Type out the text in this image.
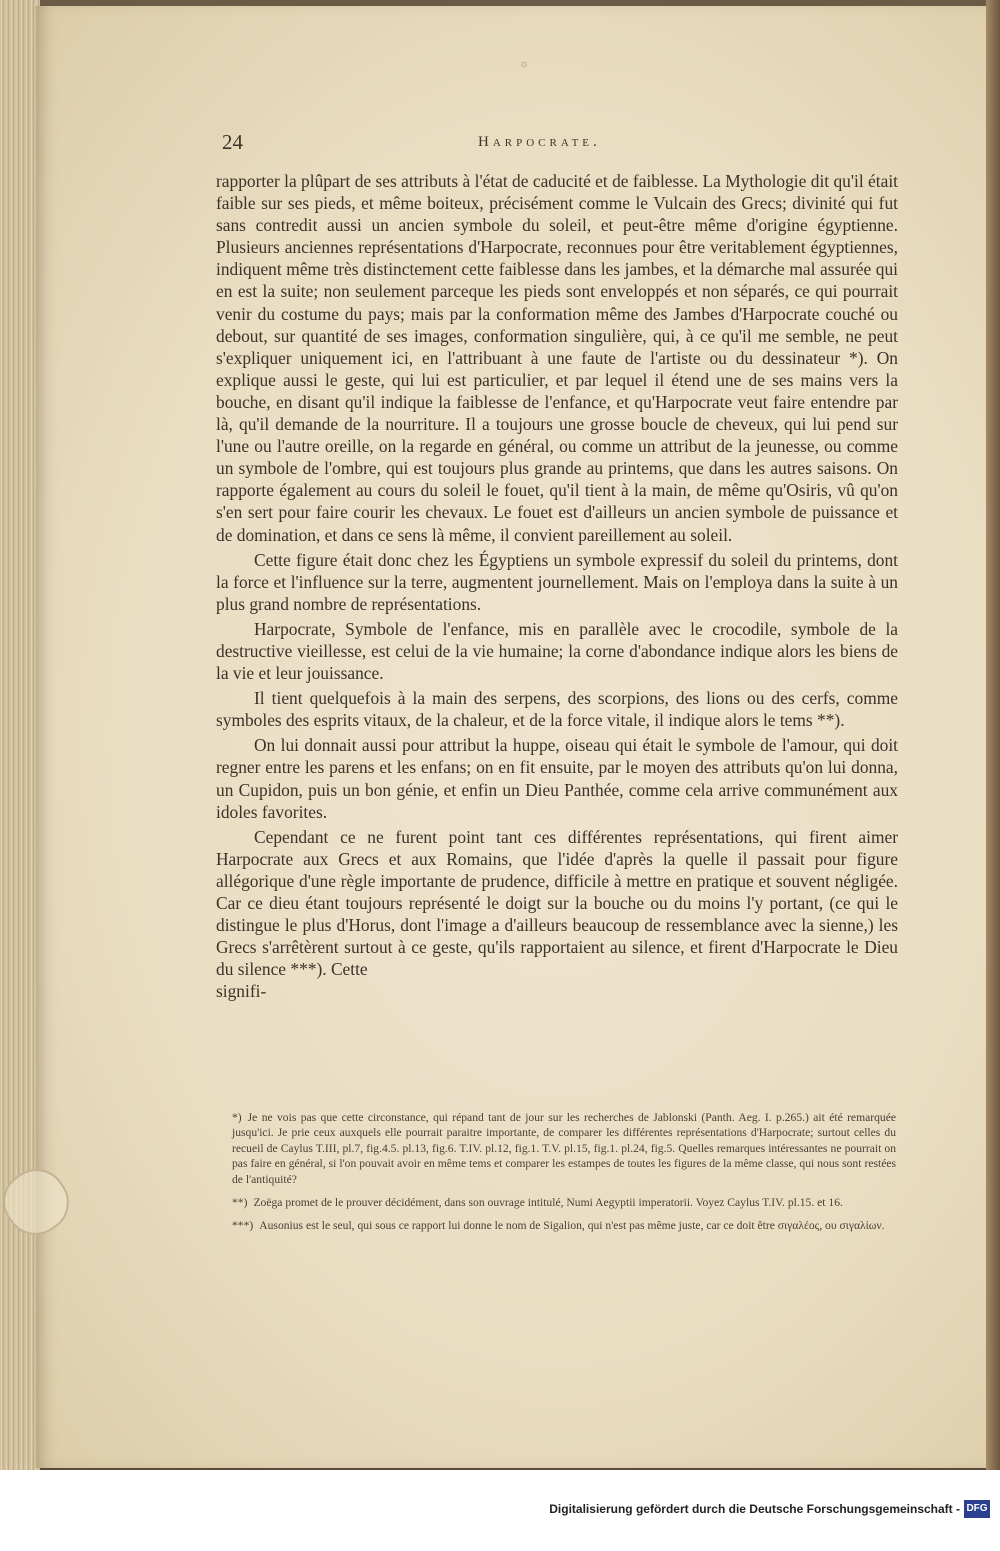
☼
24	Harpocrate.

rapporter la plûpart de ses attributs à l'état de caducité et de faiblesse. La Mythologie dit qu'il était faible sur ses pieds, et même boiteux, précisément comme le Vulcain des Grecs; divinité qui fut sans contredit aussi un ancien symbole du soleil, et peut-être même d'origine égyptienne. Plusieurs anciennes représentations d'Harpocrate, reconnues pour être veritablement égyptiennes, indiquent même très distinctement cette faiblesse dans les jambes, et la démarche mal assurée qui en est la suite; non seulement parceque les pieds sont enveloppés et non séparés, ce qui pourrait venir du costume du pays; mais par la conformation même des Jambes d'Harpocrate couché ou debout, sur quantité de ses images, conformation singulière, qui, à ce qu'il me semble, ne peut s'expliquer uniquement ici, en l'attribuant à une faute de l'artiste ou du dessinateur *). On explique aussi le geste, qui lui est particulier, et par lequel il étend une de ses mains vers la bouche, en disant qu'il indique la faiblesse de l'enfance, et qu'Harpocrate veut faire entendre par là, qu'il demande de la nourriture. Il a toujours une grosse boucle de cheveux, qui lui pend sur l'une ou l'autre oreille, on la regarde en général, ou comme un attribut de la jeunesse, ou comme un symbole de l'ombre, qui est toujours plus grande au printems, que dans les autres saisons. On rapporte également au cours du soleil le fouet, qu'il tient à la main, de même qu'Osiris, vû qu'on s'en sert pour faire courir les chevaux. Le fouet est d'ailleurs un ancien symbole de puissance et de domination, et dans ce sens là même, il convient pareillement au soleil.

Cette figure était donc chez les Égyptiens un symbole expressif du soleil du printems, dont la force et l'influence sur la terre, augmentent journellement. Mais on l'employa dans la suite à un plus grand nombre de représentations.

Harpocrate, Symbole de l'enfance, mis en parallèle avec le crocodile, symbole de la destructive vieillesse, est celui de la vie humaine; la corne d'abondance indique alors les biens de la vie et leur jouissance.

Il tient quelquefois à la main des serpens, des scorpions, des lions ou des cerfs, comme symboles des esprits vitaux, de la chaleur, et de la force vitale, il indique alors le tems **).

On lui donnait aussi pour attribut la huppe, oiseau qui était le symbole de l'amour, qui doit regner entre les parens et les enfans; on en fit ensuite, par le moyen des attributs qu'on lui donna, un Cupidon, puis un bon génie, et enfin un Dieu Panthée, comme cela arrive communément aux idoles favorites.

Cependant ce ne furent point tant ces différentes représentations, qui firent aimer Harpocrate aux Grecs et aux Romains, que l'idée d'après la quelle il passait pour figure allégorique d'une règle importante de prudence, difficile à mettre en pratique et souvent négligée. Car ce dieu étant toujours représenté le doigt sur la bouche ou du moins l'y portant, (ce qui le distingue le plus d'Horus, dont l'image a d'ailleurs beaucoup de ressemblance avec la sienne,) les Grecs s'arrêtèrent surtout à ce geste, qu'ils rapportaient au silence, et firent d'Harpocrate le Dieu du silence ***). Cette

signifi-

*) Je ne vois pas que cette circonstance, qui répand tant de jour sur les recherches de Jablonski (Panth. Aeg. I. p.265.) ait été remarquée jusqu'ici. Je prie ceux auxquels elle pourrait paraitre importante, de comparer les différentes représentations d'Harpocrate; surtout celles du recueil de Caylus T.III, pl.7, fig.4.5. pl.13, fig.6. T.IV. pl.12, fig.1. T.V. pl.15, fig.1. pl.24, fig.5. Quelles remarques intéressantes ne pourrait on pas faire en général, si l'on pouvait avoir en même tems et comparer les estampes de toutes les figures de la même classe, qui nous sont restées de l'antiquité?
**) Zoëga promet de le prouver décidément, dans son ouvrage intitulé, Numi Aegyptii imperatorii. Voyez Caylus T.IV. pl.15. et 16.
***) Ausonius est le seul, qui sous ce rapport lui donne le nom de Sigalion, qui n'est pas même juste, car ce doit être σιγαλέος, ου σιγαλίων.
Digitalisierung gefördert durch die Deutsche Forschungsgemeinschaft - DFG
